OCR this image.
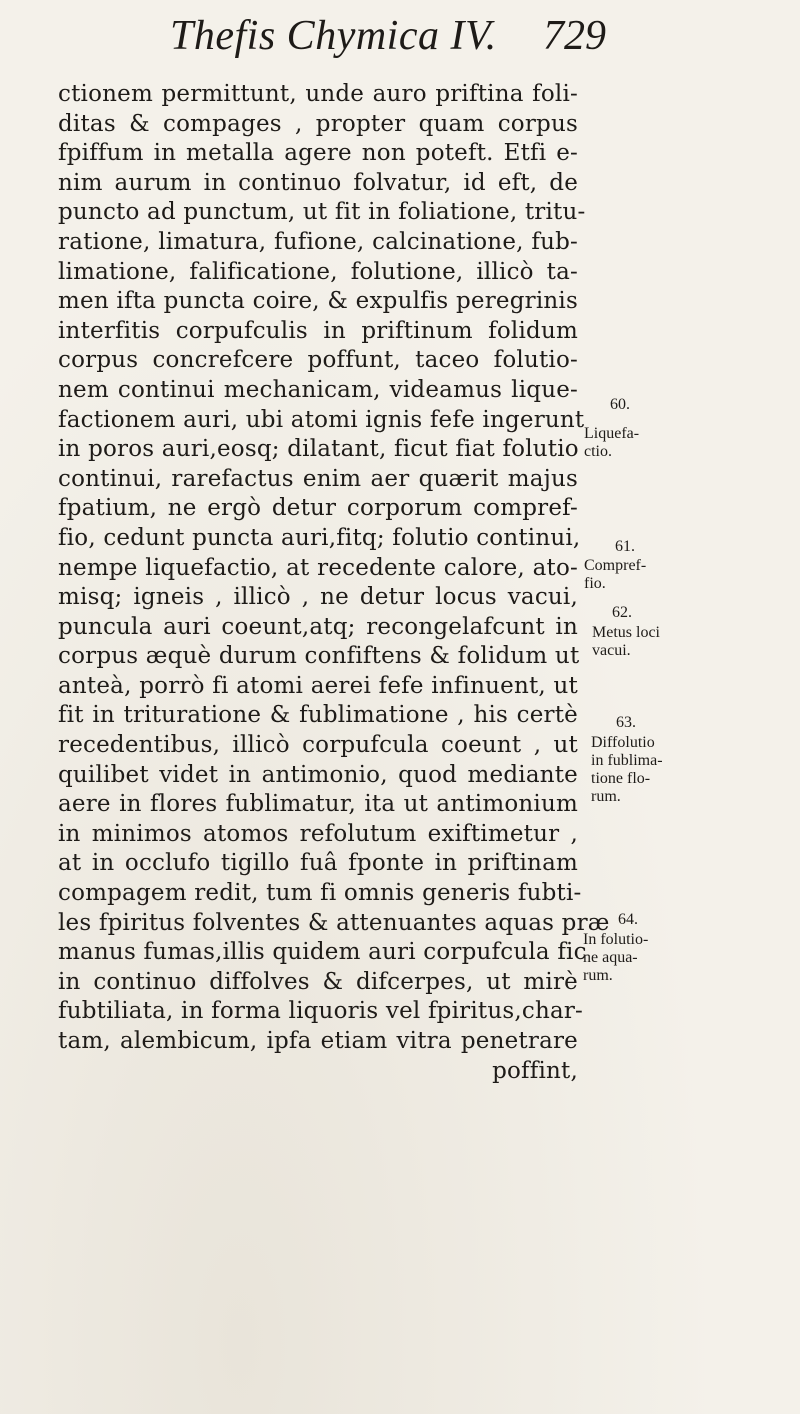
Thefis Chymica IV. 729
ctionem permittunt, unde auro priftina foli-
ditas & compages , propter quam corpus
fpiffum in metalla agere non poteft. Etfi e-
nim aurum in continuo folvatur, id eft, de
puncto ad punctum, ut fit in foliatione, tritu-
ratione, limatura, fufione, calcinatione, fub-
limatione, falificatione, folutione, illicò ta-
men ifta puncta coire, & expulfis peregrinis
interfitis corpufculis in priftinum folidum
corpus concrefcere poffunt, taceo folutio-
nem continui mechanicam, videamus lique-
factionem auri, ubi atomi ignis fefe ingerunt
in poros auri,eosq; dilatant, ficut fiat folutio
continui, rarefactus enim aer quærit majus
fpatium, ne ergò detur corporum compref-
fio, cedunt puncta auri,fitq; folutio continui,
nempe liquefactio, at recedente calore, ato-
misq; igneis , illicò , ne detur locus vacui,
puncula auri coeunt,atq; recongelafcunt in
corpus æquè durum confiftens & folidum ut
anteà, porrò fi atomi aerei fefe infinuent, ut
fit in trituratione & fublimatione , his certè
recedentibus, illicò corpufcula coeunt , ut
quilibet videt in antimonio, quod mediante
aere in flores fublimatur, ita ut antimonium
in minimos atomos refolutum exiftimetur ,
at in occlufo tigillo fuâ fponte in priftinam
compagem redit, tum fi omnis generis fubti-
les fpiritus folventes & attenuantes aquas præ
manus fumas,illis quidem auri corpufcula fic
in continuo diffolves & difcerpes, ut mirè
fubtiliata, in forma liquoris vel fpiritus,char-
tam, alembicum, ipfa etiam vitra penetrare
poffint,
60.
Liquefa-
ctio.
61.
Compref-
fio.
62.
Metus loci
vacui.
63.
Diffolutio
in fublima-
tione flo-
rum.
64.
In folutio-
ne aqua-
rum.
